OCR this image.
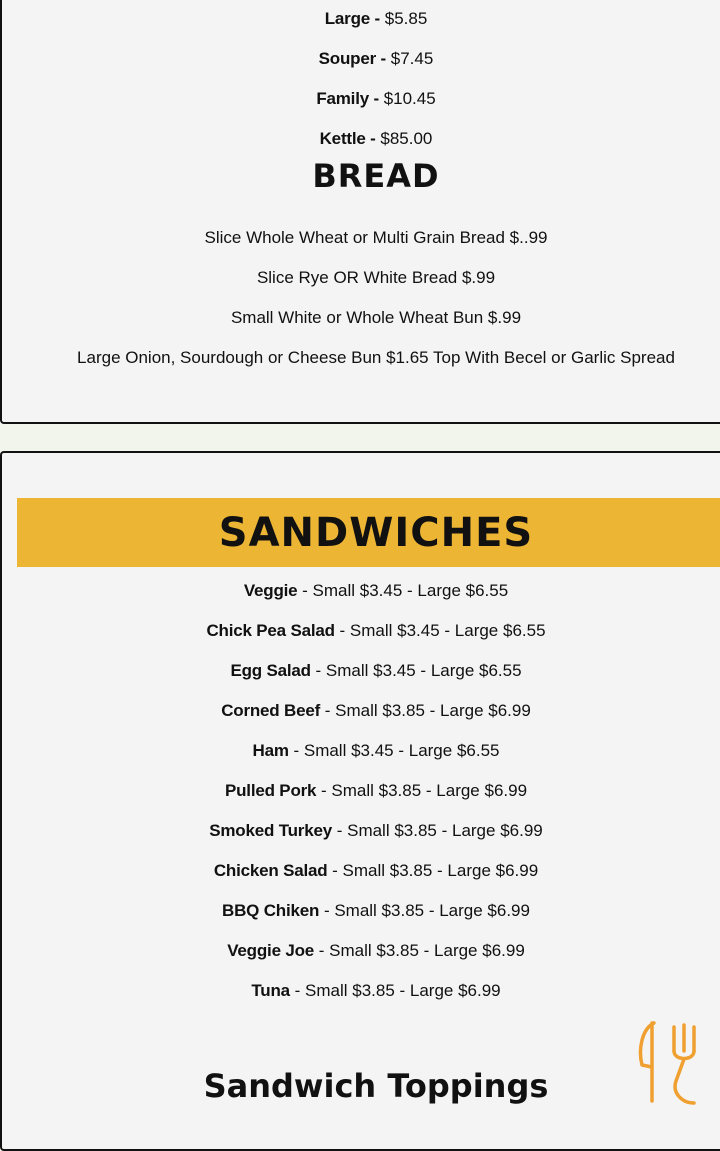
Large - $5.85
Souper - $7.45
Family - $10.45
Kettle - $85.00
BREAD
Slice Whole Wheat or Multi Grain Bread $..99
Slice Rye OR White Bread $.99
Small White or Whole Wheat Bun $.99
Large Onion, Sourdough or Cheese Bun $1.65 Top With Becel or Garlic Spread
SANDWICHES
Veggie - Small $3.45 - Large $6.55
Chick Pea Salad - Small $3.45 - Large $6.55
Egg Salad - Small $3.45 - Large $6.55
Corned Beef - Small $3.85 - Large $6.99
Ham - Small $3.45 - Large $6.55
Pulled Pork - Small $3.85 - Large $6.99
Smoked Turkey - Small $3.85 - Large $6.99
Chicken Salad - Small $3.85 - Large $6.99
BBQ Chiken - Small $3.85 - Large $6.99
Veggie Joe - Small $3.85 - Large $6.99
Tuna - Small $3.85 - Large $6.99
Sandwich Toppings
